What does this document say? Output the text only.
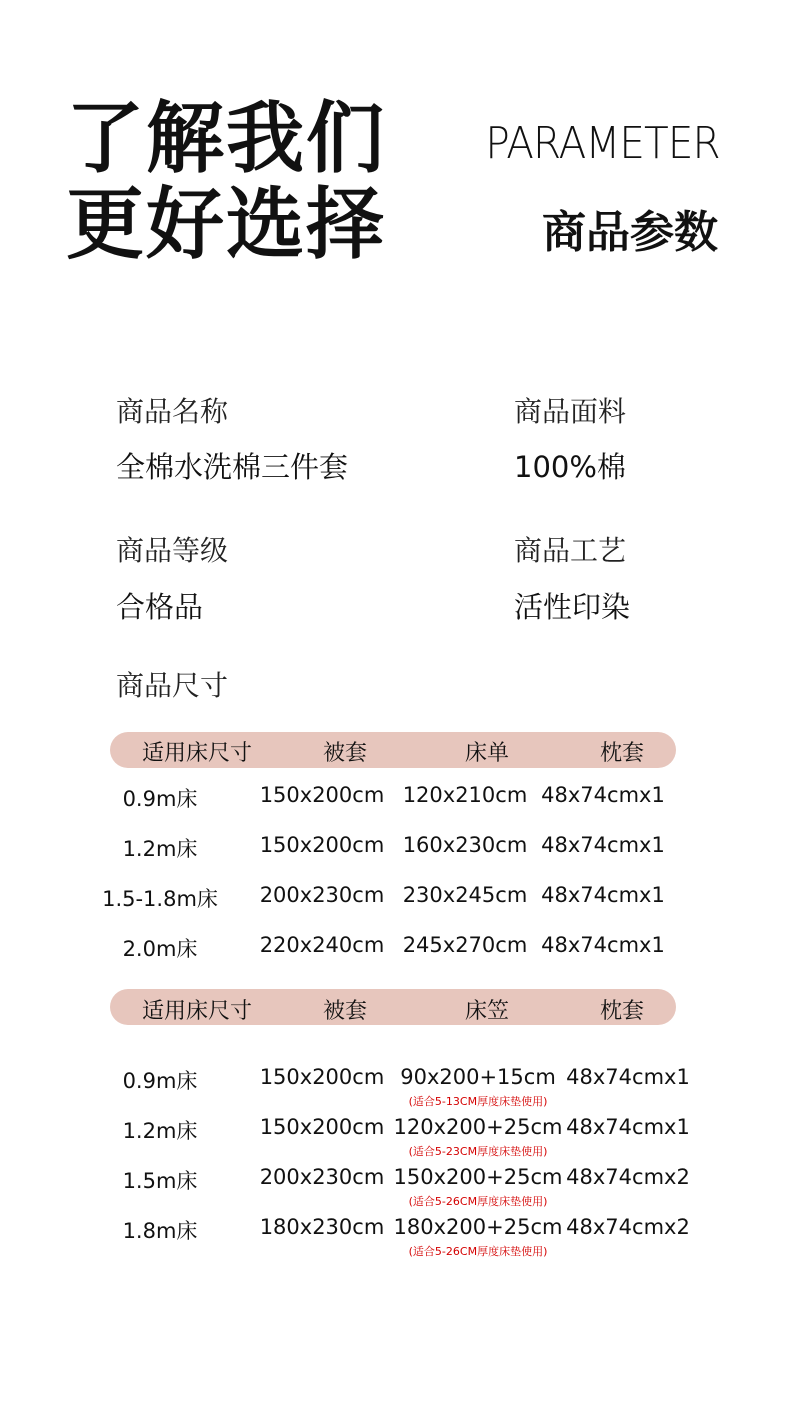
了解我们
更好选择
PARAMETER
商品参数
商品名称
全棉水洗棉三件套
商品面料
100%棉
商品等级
合格品
商品工艺
活性印染
商品尺寸
适用床尺寸	被套	床单	枕套
0.9m床	150x200cm 120x210cm 48x74cmx1
1.2m床	150x200cm 160x230cm 48x74cmx1
1.5-1.8m床	200x230cm 230x245cm 48x74cmx1
2.0m床	220x240cm 245x270cm 48x74cmx1
适用床尺寸	被套	床笠	枕套
0.9m床	150x200cm 90x200+15cm 48x74cmx1
(适合5-13CM厚度床垫使用)
1.2m床	150x200cm 120x200+25cm 48x74cmx1
(适合5-23CM厚度床垫使用)
1.5m床	200x230cm 150x200+25cm 48x74cmx2
(适合5-26CM厚度床垫使用)
1.8m床	180x230cm 180x200+25cm 48x74cmx2
(适合5-26CM厚度床垫使用)
